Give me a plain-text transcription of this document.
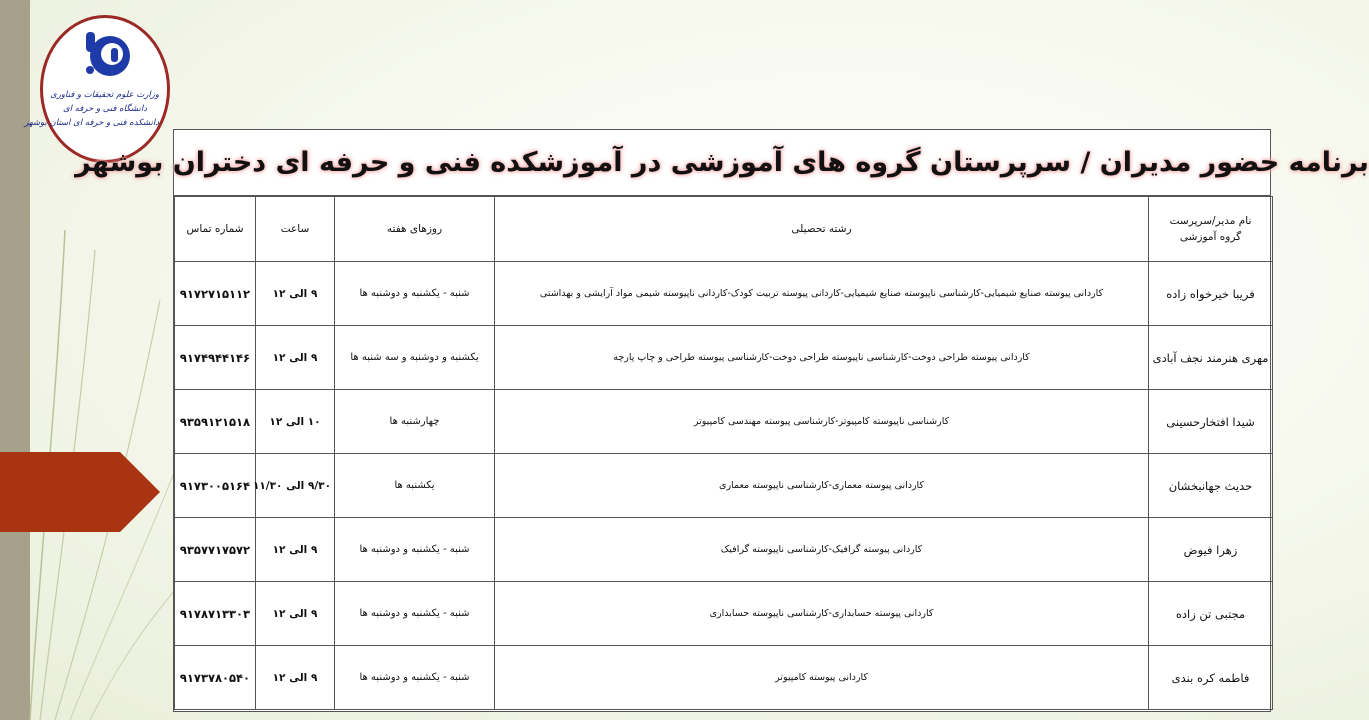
وزارت علوم تحقیقات و فناوری
دانشگاه فنی و حرفه ای
دانشکده فنی و حرفه ای استان بوشهر
برنامه حضور مدیران / سرپرستان گروه های آموزشی در آموزشکده فنی و حرفه ای دختران بوشهر
نام مدیر/سرپرست
گروه آموزشی	رشته تحصیلی	روزهای هفته	ساعت	شماره تماس
فریبا خیرخواه زاده	کاردانی پیوسته صنایع شیمیایی-کارشناسی ناپیوسته صنایع شیمیایی-کاردانی پیوسته تربیت کودک-کاردانی ناپیوسته شیمی مواد آرایشی و بهداشتی	شنبه - یکشنبه و دوشنبه ها	۹ الی ۱۲	۹۱۷۲۷۱۵۱۱۲
مهری هنرمند نجف آبادی	کاردانی پیوسته طراحی دوخت-کارشناسی ناپیوسته طراحی دوخت-کارشناسی پیوسته طراحی و چاپ پارچه	یکشنبه و دوشنبه و سه شنبه ها	۹ الی ۱۲	۹۱۷۴۹۴۴۱۴۶
شیدا افتخارحسینی	کارشناسی ناپیوسته کامپیوتر-کارشناسی پیوسته مهندسی کامپیوتر	چهارشنبه ها	۱۰ الی ۱۲	۹۳۵۹۱۲۱۵۱۸
حدیث جهانبخشان	کاردانی پیوسته معماری-کارشناسی ناپیوسته معماری	یکشنبه ها	۹/۳۰ الی ۱۱/۳۰	۹۱۷۳۰۰۵۱۶۴
زهرا فیوض	کاردانی پیوسته گرافیک-کارشناسی ناپیوسته گرافیک	شنبه - یکشنبه و دوشنبه ها	۹ الی ۱۲	۹۳۵۷۷۱۷۵۷۲
مجتبی تن زاده	کاردانی پیوسته حسابداری-کارشناسی ناپیوسته حسابداری	شنبه - یکشنبه و دوشنبه ها	۹ الی ۱۲	۹۱۷۸۷۱۳۳۰۳
فاطمه کره بندی	کاردانی پیوسته کامپیوتر	شنبه - یکشنبه و دوشنبه ها	۹ الی ۱۲	۹۱۷۳۷۸۰۵۴۰
